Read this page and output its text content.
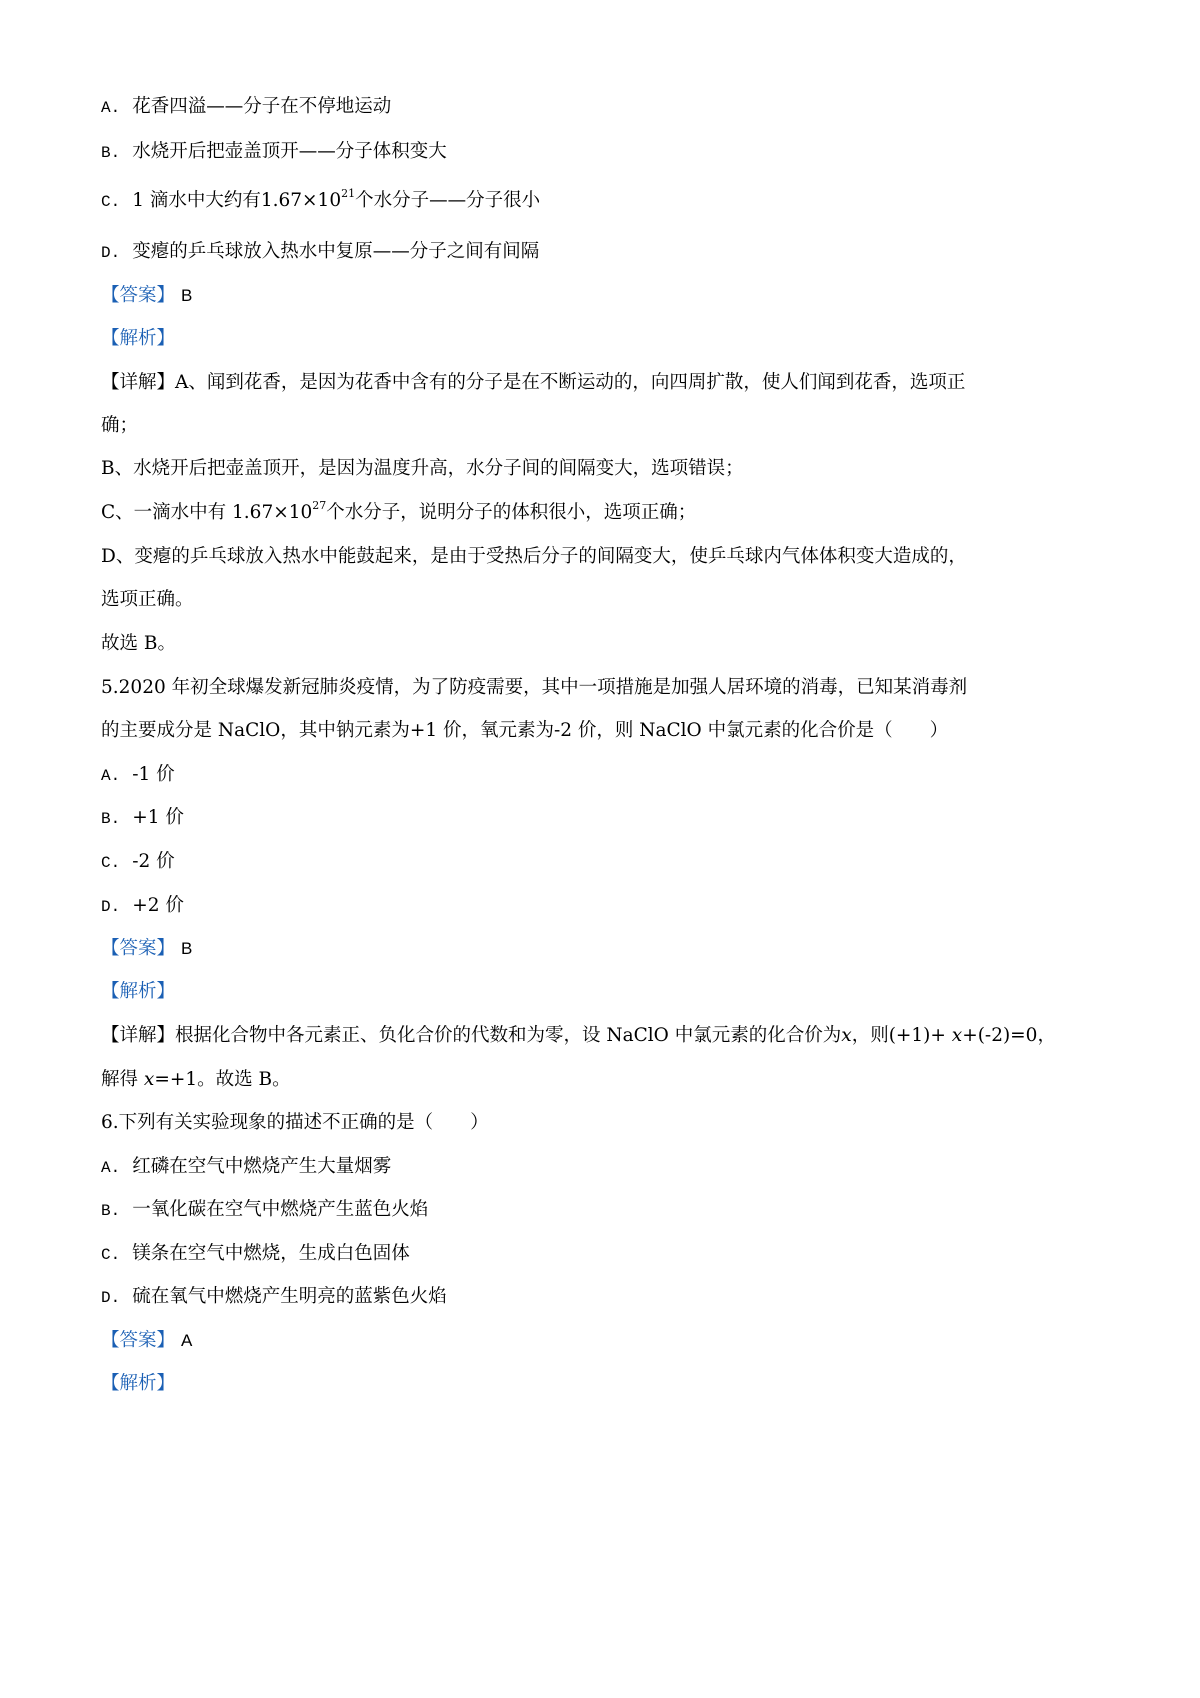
A. 花香四溢——分子在不停地运动

B. 水烧开后把壶盖顶开——分子体积变大

C. 1 滴水中大约有$1.67\times 10^{21}$个水分子——分子很小

D. 变瘪的乒乓球放入热水中复原——分子之间有间隔

【答案】 B

【解析】

【详解】A、闻到花香，是因为花香中含有的分子是在不断运动的，向四周扩散，使人们闻到花香，选项正

确；

B、水烧开后把壶盖顶开，是因为温度升高，水分子间的间隔变大，选项错误；

C、一滴水中有 $1.67\times 10^{27}$个水分子，说明分子的体积很小，选项正确；

D、变瘪的乒乓球放入热水中能鼓起来，是由于受热后分子的间隔变大，使乒乓球内气体体积变大造成的，

选项正确。

故选 B。

5.2020 年初全球爆发新冠肺炎疫情，为了防疫需要，其中一项措施是加强人居环境的消毒，已知某消毒剂

的主要成分是 NaClO，其中钠元素为+1 价，氧元素为-2 价，则 NaClO 中氯元素的化合价是（　　）

A. -1 价

B. +1 价

C. -2 价

D. +2 价

【答案】 B

【解析】

【详解】根据化合物中各元素正、负化合价的代数和为零，设 NaClO 中氯元素的化合价为x，则(+1)+ x+(-2)=0，

解得 x=+1。故选 B。

6.下列有关实验现象的描述不正确的是（　　）

A. 红磷在空气中燃烧产生大量烟雾

B. 一氧化碳在空气中燃烧产生蓝色火焰

C. 镁条在空气中燃烧，生成白色固体

D. 硫在氧气中燃烧产生明亮的蓝紫色火焰

【答案】 A

【解析】
